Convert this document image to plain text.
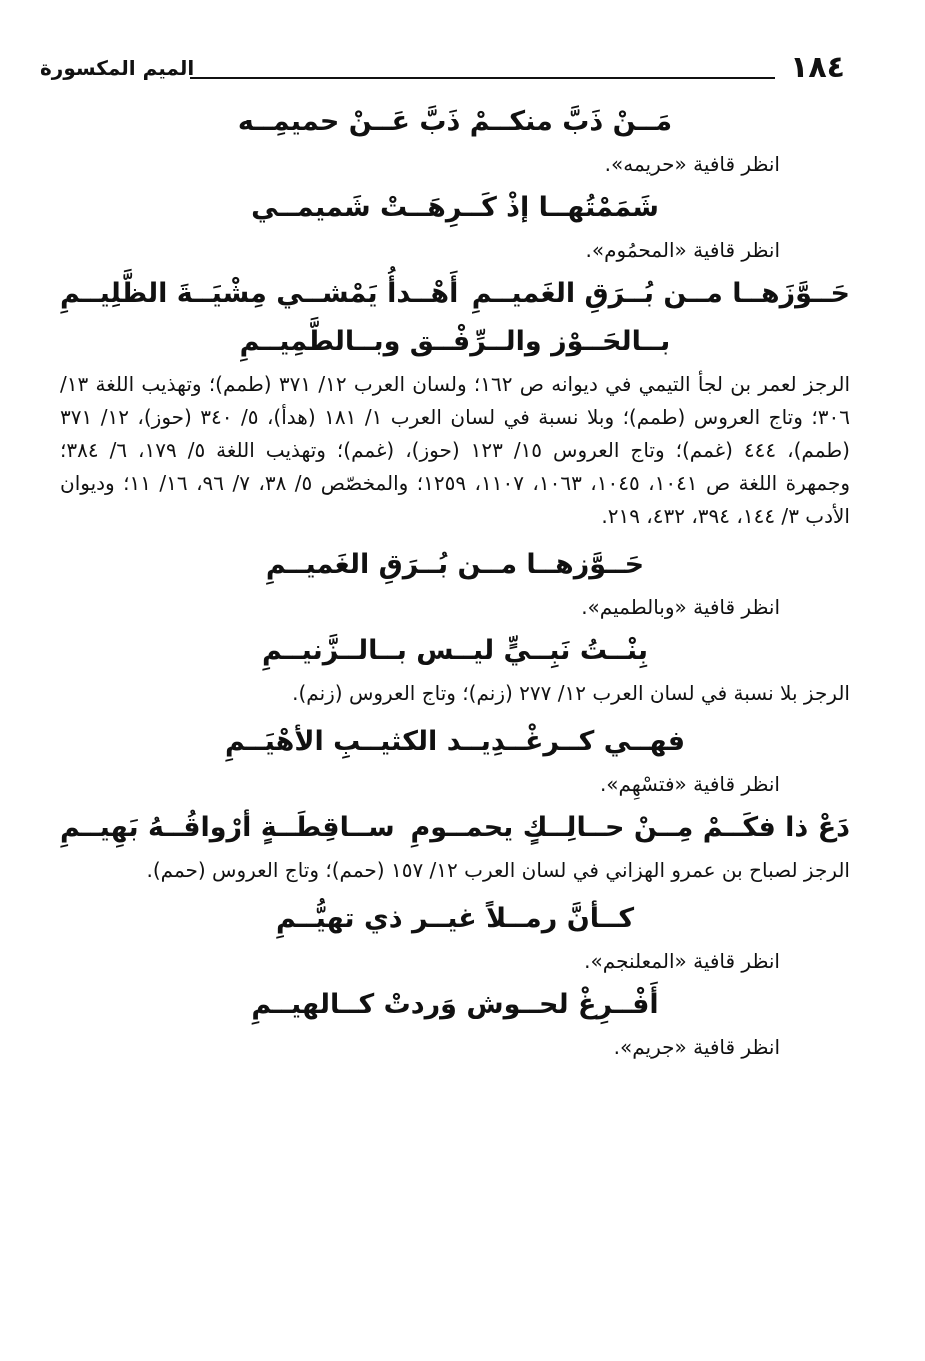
١٨٤
الميم المكسورة
مَــنْ ذَبَّ منكــمْ ذَبَّ عَــنْ حميمِــه
انظر قافية «حريمه».
شَمَمْتُهــا إذْ كَــرِهَــتْ شَميمــي
انظر قافية «المحمُوم».
حَــوَّزَهــا مــن بُــرَقِ الغَميــمِ
أَهْــدأُ يَمْشــي مِشْيَــةَ الظَّلِيــمِ
بــالحَــوْز والــرِّفْــق وبــالطَّمِيــمِ
الرجز لعمر بن لجأ التيمي في ديوانه ص ١٦٢؛ ولسان العرب ١٢/ ٣٧١ (طمم)؛ وتهذيب اللغة ١٣/ ٣٠٦؛ وتاج العروس (طمم)؛ وبلا نسبة في لسان العرب ١/ ١٨١ (هدأ)، ٥/ ٣٤٠ (حوز)، ١٢/ ٣٧١ (طمم)، ٤٤٤ (غمم)؛ وتاج العروس ١٥/ ١٢٣ (حوز)، (غمم)؛ وتهذيب اللغة ٥/ ١٧٩، ٦/ ٣٨٤؛ وجمهرة اللغة ص ١٠٤١، ١٠٤٥، ١٠٦٣، ١١٠٧، ١٢٥٩؛ والمخصّص ٥/ ٣٨، ٧/ ٩٦، ١٦/ ١١؛ وديوان الأدب ٣/ ١٤٤، ٣٩٤، ٤٣٢، ٢١٩.
حَــوَّزهــا مــن بُــرَقِ الغَميــمِ
انظر قافية «وبالطميم».
بِنْــتُ نَبِــيٍّ ليــس بــالــزَّنيــمِ
الرجز بلا نسبة في لسان العرب ١٢/ ٢٧٧ (زنم)؛ وتاج العروس (زنم).
فهــي كــرغْــدِيــد الكثيــبِ الأهْيَــمِ
انظر قافية «فتسْهِم».
دَعْ ذا فكَــمْ مِــنْ حــالِــكٍ يحمــومِ
ســاقِطَــةٍ أرْواقُــهُ بَهِيــمِ
الرجز لصباح بن عمرو الهزاني في لسان العرب ١٢/ ١٥٧ (حمم)؛ وتاج العروس (حمم).
كــأنَّ رمــلاً غيــر ذي تهيُّــمِ
انظر قافية «المعلنجم».
أَفْــرِغْ لحــوش وَردتْ كــالهيــمِ
انظر قافية «جريم».
